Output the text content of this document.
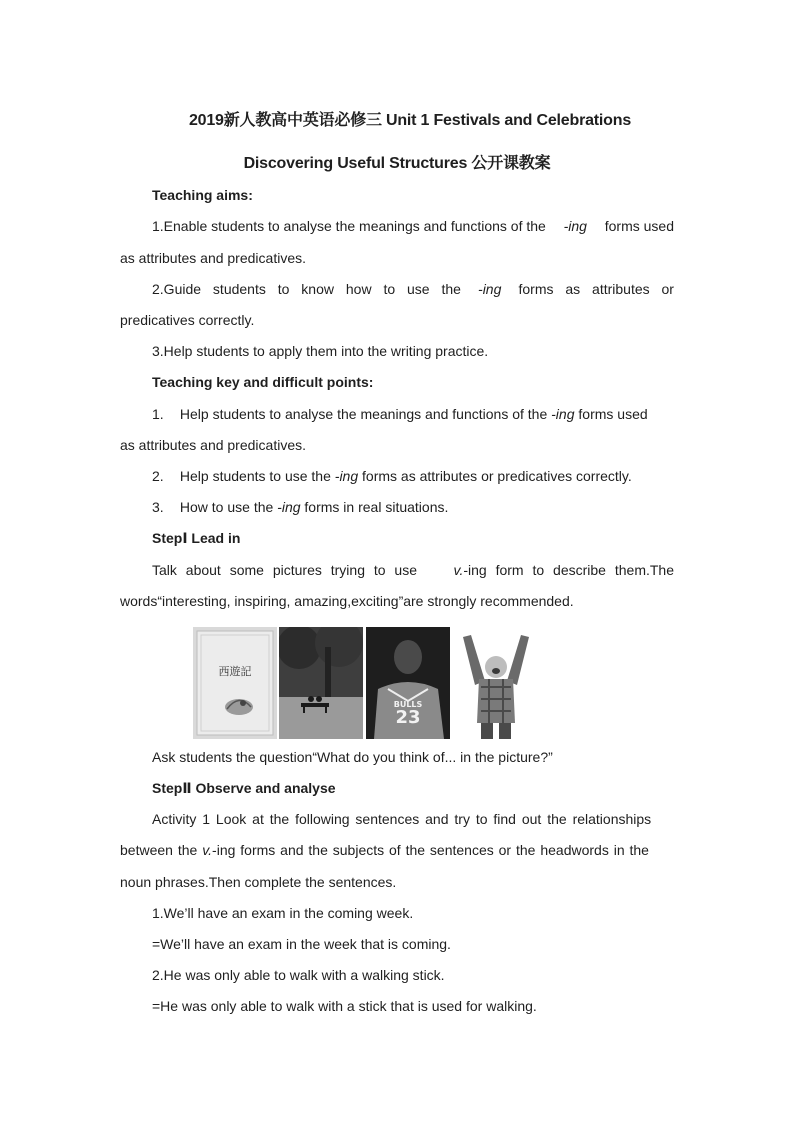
2019新人教高中英语必修三 Unit 1 Festivals and Celebrations
Discovering Useful Structures 公开课教案
Teaching aims:
1.Enable students to analyse the meanings and functions of the -ing forms used
as attributes and predicatives.
2.Guide students to know how to use the -ing forms as attributes or
predicatives correctly.
3.Help students to apply them into the writing practice.
Teaching key and difficult points:
1. Help students to analyse the meanings and functions of the -ing forms used
as attributes and predicatives.
2. Help students to use the -ing forms as attributes or predicatives correctly.
3. How to use the -ing forms in real situations.
StepⅠ Lead in
Talk about some pictures trying to use	v.-ing form to describe them.The
words“interesting, inspiring, amazing,exciting”are strongly recommended.
西遊記
23
BULLS
Ask students the question“What do you think of... in the picture?”
StepⅡ Observe and analyse
Activity 1 Look at the following sentences and try to find out the relationships
between the v.-ing forms and the subjects of the sentences or the headwords in the
noun phrases.Then complete the sentences.
1.We’ll have an exam in the coming week.
=We’ll have an exam in the week that is coming.
2.He was only able to walk with a walking stick.
=He was only able to walk with a stick that is used for walking.
